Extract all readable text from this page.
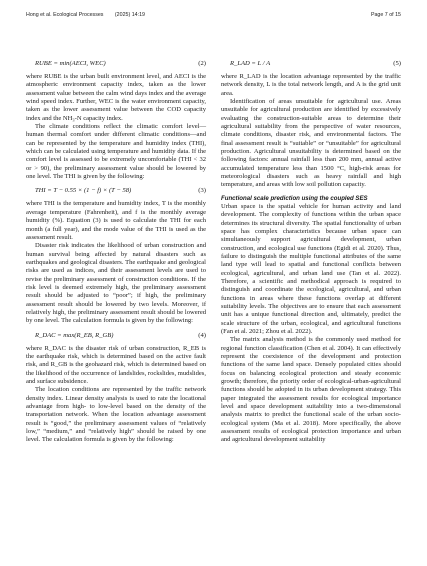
Hong et al. Ecological Processes (2025) 14:19	Page 7 of 15
RUBE = min(AECI, WEC)	(2)

where RUBE is the urban built environment level, and AECI is the atmospheric environment capacity index, taken as the lower assessment value between the calm wind days index and the average wind speed index. Further, WEC is the water environment capacity, taken as the lower assessment value between the COD capacity index and the NH₃-N capacity index.

The climate conditions reflect the climatic comfort level—human thermal comfort under different climatic conditions—and can be represented by the temperature and humidity index (THI), which can be calculated using temperature and humidity data. If the comfort level is assessed to be extremely uncomfortable (THI < 32 or > 90), the preliminary assessment value should be lowered by one level. The THI is given by the following:

THI = T − 0.55 × (1 − f) × (T − 58)	(3)

where THI is the temperature and humidity index, T is the monthly average temperature (Fahrenheit), and f is the monthly average humidity (%). Equation (3) is used to calculate the THI for each month (a full year), and the mode value of the THI is used as the assessment result.

Disaster risk indicates the likelihood of urban construction and human survival being affected by natural disasters such as earthquakes and geological disasters. The earthquake and geological risks are used as indices, and their assessment levels are used to revise the preliminary assessment of construction conditions. If the risk level is deemed extremely high, the preliminary assessment result should be adjusted to “poor”; if high, the preliminary assessment result should be lowered by two levels. Moreover, if relatively high, the preliminary assessment result should be lowered by one level. The calculation formula is given by the following:

R_DAC = max(R_EB, R_GB)	(4)

where R_DAC is the disaster risk of urban construction, R_EB is the earthquake risk, which is determined based on the active fault risk, and R_GB is the geohazard risk, which is determined based on the likelihood of the occurrence of landslides, rockslides, mudslides, and surface subsidence.

The location conditions are represented by the traffic network density index. Linear density analysis is used to rate the locational advantage from high- to low-level based on the density of the transportation network. When the location advantage assessment result is “good,” the preliminary assessment values of “relatively low,” “medium,” and “relatively high” should be raised by one level. The calculation formula is given by the following:

R_LAD = L / A	(5)

where R_LAD is the location advantage represented by the traffic network density, L is the total network length, and A is the grid unit area.

Identification of areas unsuitable for agricultural use. Areas unsuitable for agricultural production are identified by excessively evaluating the construction-suitable areas to determine their agricultural suitability from the perspective of water resources, climate conditions, disaster risk, and environmental factors. The final assessment result is “suitable” or “unsuitable” for agricultural production. Agricultural unsuitability is determined based on the following factors: annual rainfall less than 200 mm, annual active accumulated temperature less than 1500 °C, high-risk areas for meteorological disasters such as heavy rainfall and high temperature, and areas with low soil pollution capacity.

Functional scale prediction using the coupled SES

Urban space is the spatial vehicle for human activity and land development. The complexity of functions within the urban space determines its structural diversity. The spatial functionality of urban space has complex characteristics because urban space can simultaneously support agricultural development, urban construction, and ecological use functions (Egidi et al. 2020). Thus, failure to distinguish the multiple functional attributes of the same land type will lead to spatial and functional conflicts between ecological, agricultural, and urban land use (Tan et al. 2022). Therefore, a scientific and methodical approach is required to distinguish and coordinate the ecological, agricultural, and urban functions in areas where these functions overlap at different suitability levels. The objectives are to ensure that each assessment unit has a unique functional direction and, ultimately, predict the scale structure of the urban, ecological, and agricultural functions (Fan et al. 2021; Zhou et al. 2022).

The matrix analysis method is the commonly used method for regional function classification (Chen et al. 2004). It can effectively represent the coexistence of the development and protection functions of the same land space. Densely populated cities should focus on balancing ecological protection and steady economic growth; therefore, the priority order of ecological-urban-agricultural functions should be adopted in its urban development strategy. This paper integrated the assessment results for ecological importance level and space development suitability into a two-dimensional analysis matrix to predict the functional scale of the urban socio-ecological system (Ma et al. 2018). More specifically, the above assessment results of ecological protection importance and urban and agricultural development suitability
